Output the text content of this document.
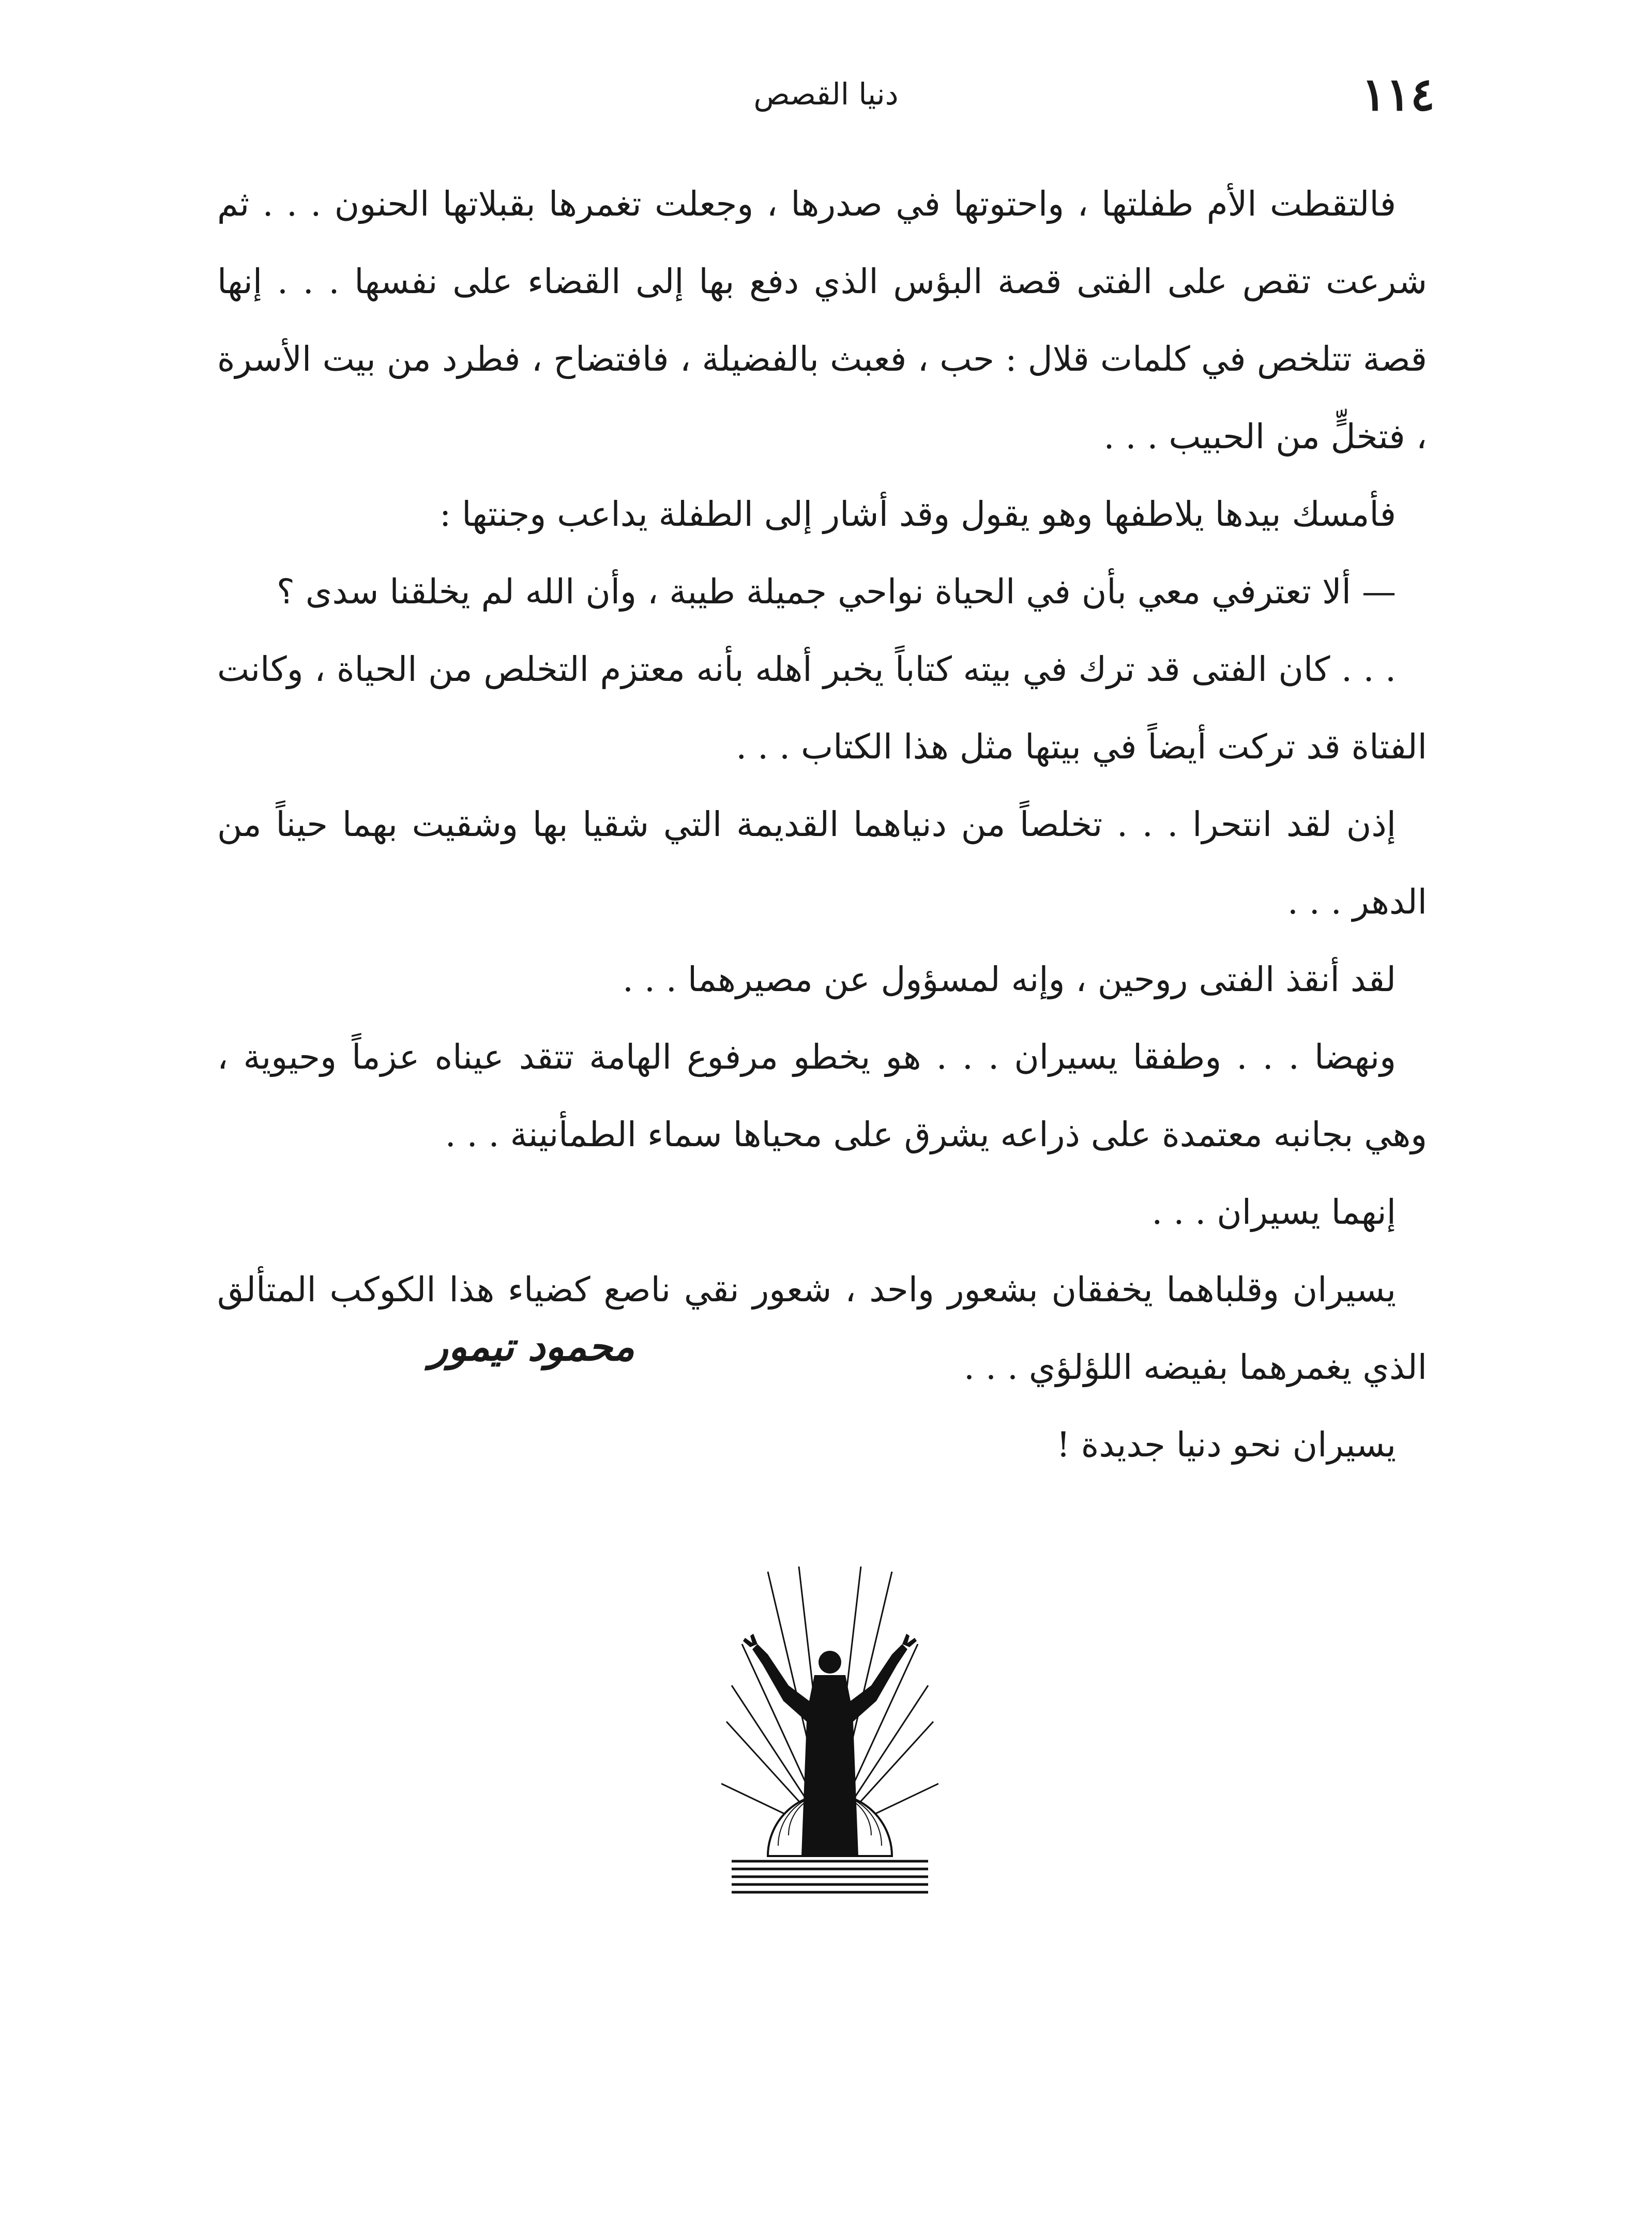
١١٤
دنيا القصص

فالتقطت الأم طفلتها ، واحتوتها في صدرها ، وجعلت تغمرها بقبلاتها الحنون . . . ثم شرعت تقص على الفتى قصة البؤس الذي دفع بها إلى القضاء على نفسها . . . إنها قصة تتلخص في كلمات قلال : حب ، فعبث بالفضيلة ، فافتضاح ، فطرد من بيت الأسرة ، فتخلٍّ من الحبيب . . .

فأمسك بيدها يلاطفها وهو يقول وقد أشار إلى الطفلة يداعب وجنتها :

— ألا تعترفي معي بأن في الحياة نواحي جميلة طيبة ، وأن الله لم يخلقنا سدى ؟

. . . كان الفتى قد ترك في بيته كتاباً يخبر أهله بأنه معتزم التخلص من الحياة ، وكانت الفتاة قد تركت أيضاً في بيتها مثل هذا الكتاب . . .

إذن لقد انتحرا . . . تخلصاً من دنياهما القديمة التي شقيا بها وشقيت بهما حيناً من الدهر . . .

لقد أنقذ الفتى روحين ، وإنه لمسؤول عن مصيرهما . . .

ونهضا . . . وطفقا يسيران . . . هو يخطو مرفوع الهامة تتقد عيناه عزماً وحيوية ، وهي بجانبه معتمدة على ذراعه يشرق على محياها سماء الطمأنينة . . .

إنهما يسيران . . .

يسيران وقلباهما يخفقان بشعور واحد ، شعور نقي ناصع كضياء هذا الكوكب المتألق الذي يغمرهما بفيضه اللؤلؤي . . .

يسيران نحو دنيا جديدة !

محمود تيمور
